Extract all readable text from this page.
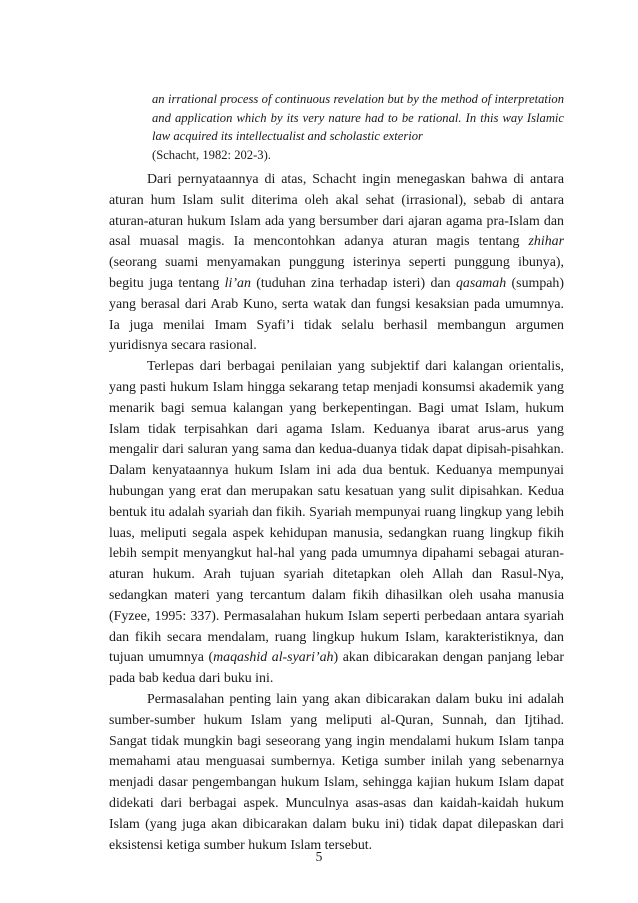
an irrational process of continuous revelation but by the method of interpretation and application which by its very nature had to be rational. In this way Islamic law acquired its intellectualist and scholastic exterior
(Schacht, 1982: 202-3).

Dari pernyataannya di atas, Schacht ingin menegaskan bahwa di antara aturan hum Islam sulit diterima oleh akal sehat (irrasional), sebab di antara aturan-aturan hukum Islam ada yang bersumber dari ajaran agama pra-Islam dan asal muasal magis. Ia mencontohkan adanya aturan magis tentang zhihar (seorang suami menyamakan punggung isterinya seperti punggung ibunya), begitu juga tentang li’an (tuduhan zina terhadap isteri) dan qasamah (sumpah) yang berasal dari Arab Kuno, serta watak dan fungsi kesaksian pada umumnya. Ia juga menilai Imam Syafi’i tidak selalu berhasil membangun argumen yuridisnya secara rasional.

Terlepas dari berbagai penilaian yang subjektif dari kalangan orientalis, yang pasti hukum Islam hingga sekarang tetap menjadi konsumsi akademik yang menarik bagi semua kalangan yang berkepentingan. Bagi umat Islam, hukum Islam tidak terpisahkan dari agama Islam. Keduanya ibarat arus-arus yang mengalir dari saluran yang sama dan kedua-duanya tidak dapat dipisah-pisahkan. Dalam kenyataannya hukum Islam ini ada dua bentuk. Keduanya mempunyai hubungan yang erat dan merupakan satu kesatuan yang sulit dipisahkan. Kedua bentuk itu adalah syariah dan fikih. Syariah mempunyai ruang lingkup yang lebih luas, meliputi segala aspek kehidupan manusia, sedangkan ruang lingkup fikih lebih sempit menyangkut hal-hal yang pada umumnya dipahami sebagai aturan-aturan hukum. Arah tujuan syariah ditetapkan oleh Allah dan Rasul-Nya, sedangkan materi yang tercantum dalam fikih dihasilkan oleh usaha manusia (Fyzee, 1995: 337). Permasalahan hukum Islam seperti perbedaan antara syariah dan fikih secara mendalam, ruang lingkup hukum Islam, karakteristiknya, dan tujuan umumnya (maqashid al-syari’ah) akan dibicarakan dengan panjang lebar pada bab kedua dari buku ini.

Permasalahan penting lain yang akan dibicarakan dalam buku ini adalah sumber-sumber hukum Islam yang meliputi al-Quran, Sunnah, dan Ijtihad. Sangat tidak mungkin bagi seseorang yang ingin mendalami hukum Islam tanpa memahami atau menguasai sumbernya. Ketiga sumber inilah yang sebenarnya menjadi dasar pengembangan hukum Islam, sehingga kajian hukum Islam dapat didekati dari berbagai aspek. Munculnya asas-asas dan kaidah-kaidah hukum Islam (yang juga akan dibicarakan dalam buku ini) tidak dapat dilepaskan dari eksistensi ketiga sumber hukum Islam tersebut.

5
